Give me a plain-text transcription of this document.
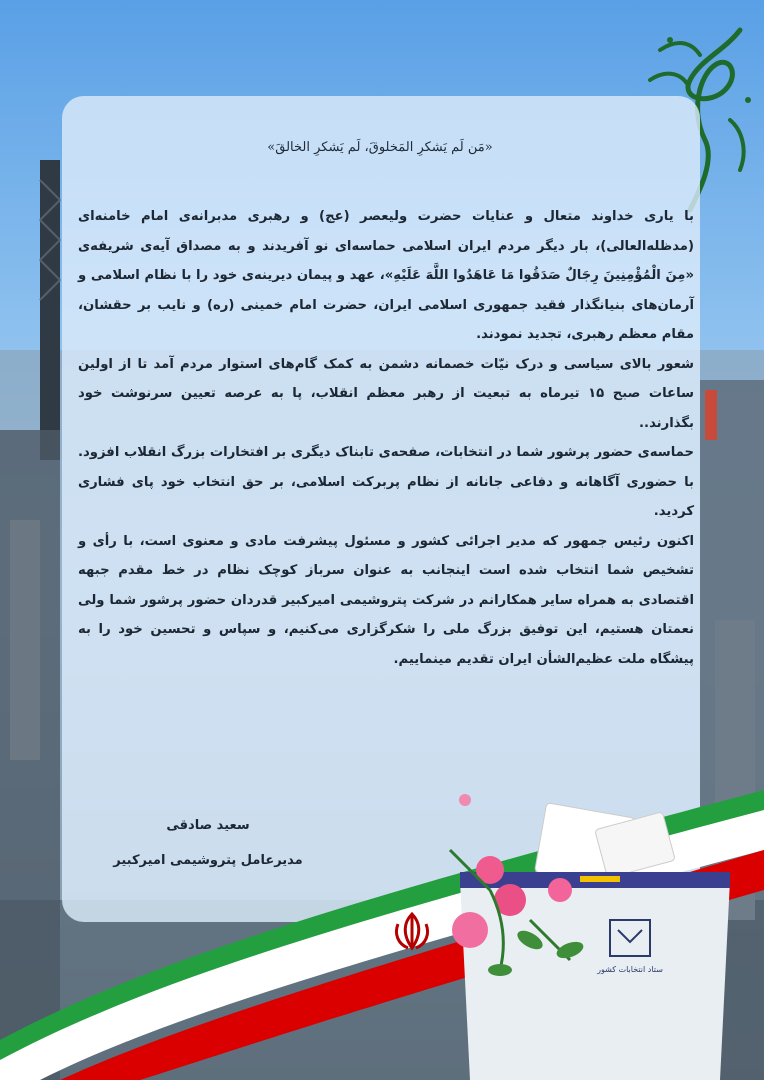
«مَن لَم یَشکرِ المَخلوقَ، لَم یَشکرِ الخالقَ»

با یاری خداوند متعال و عنایات حضرت ولیعصر (عج) و رهبری مدبرانه‌ی امام خامنه‌ای (مدظله‌العالی)، بار دیگر مردم ایران اسلامی حماسه‌ای نو آفریدند و به مصداق آیه‌ی شریفه‌ی «مِنَ الْمُؤْمِنِینَ رِجَالٌ صَدَقُوا مَا عَاهَدُوا اللَّهَ عَلَیْهِ»، عهد و پیمان دیرینه‌ی خود را با نظام اسلامی و آرمان‌های بنیانگذار فقید جمهوری اسلامی ایران، حضرت امام خمینی (ره) و نایب بر حقشان، مقام معظم رهبری، تجدید نمودند.

شعور بالای سیاسی و درک نیّات خصمانه دشمن به کمک گام‌های استوار مردم آمد تا از اولین ساعات صبح ۱۵ تیرماه به تبعیت از رهبر معظم انقلاب، پا به عرصه تعیین سرنوشت خود بگذارند..

حماسه‌ی حضور پرشور شما در انتخابات، صفحه‌ی تابناک دیگری بر افتخارات بزرگ انقلاب افزود. با حضوری آگاهانه و دفاعی جانانه از نظام پربرکت اسلامی، بر حق انتخاب خود پای فشاری کردید.

اکنون رئیس جمهور که مدیر اجرائی کشور و مسئول پیشرفت مادی و معنوی است، با رأی و تشخیص شما انتخاب شده است اینجانب به عنوان سرباز کوچک نظام در خط مقدم جبهه اقتصادی به همراه سایر همکارانم در شرکت پتروشیمی امیرکبیر قدردان حضور پرشور شما ولی نعمتان هستیم، این توفیق بزرگ ملی را شکرگزاری می‌کنیم، و سپاس و تحسین خود را به پیشگاه ملت عظیم‌الشأن ایران تقدیم مینماییم.

سعید صادقی
مدیرعامل پتروشیمی امیرکبیر
ستاد انتخابات کشور
